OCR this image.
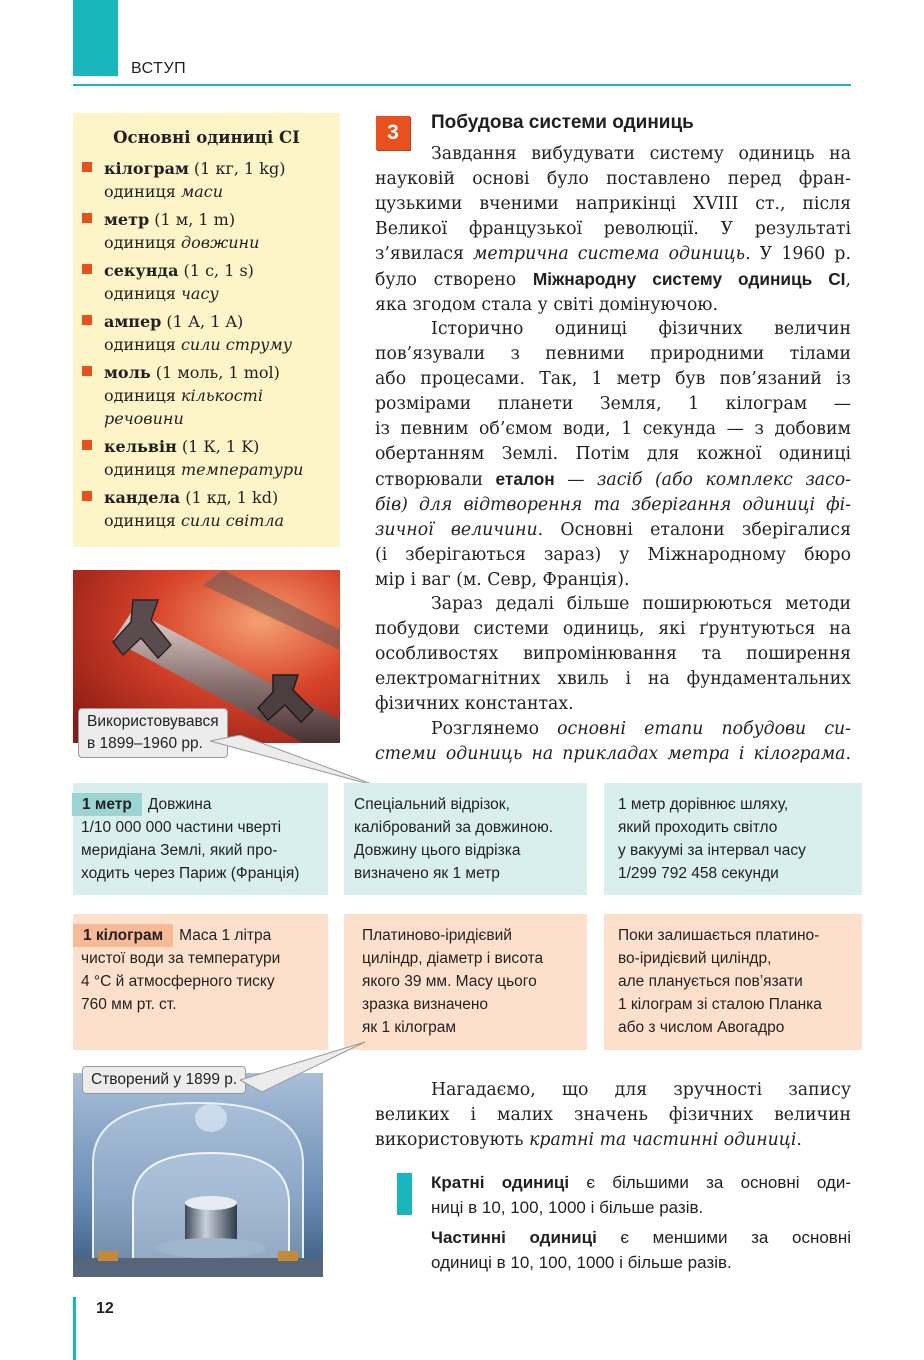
ВСТУП
Основні одиниці СІ
кілограм (1 кг, 1 kg)
одиниця маси
метр (1 м, 1 m)
одиниця довжини
секунда (1 с, 1 s)
одиниця часу
ампер (1 А, 1 A)
одиниця сили струму
моль (1 моль, 1 mol)
одиниця кількості
речовини
кельвін (1 К, 1 K)
одиниця температури
кандела (1 кд, 1 kd)
одиниця сили світла
Використовувався
в 1899–1960 рр.
3	Побудова системи одиниць
Завдання вибудувати систему одиниць на
науковій основі було поставлено перед фран-
цузькими вченими наприкінці XVIII ст., після
Великої французької революції. У результаті
з’явилася метрична система одиниць. У 1960 р.
було створено Міжнародну систему одиниць СІ,
яка згодом стала у світі домінуючою.
Історично одиниці фізичних величин
пов’язували з певними природними тілами
або процесами. Так, 1 метр був пов’язаний із
розмірами планети Земля, 1 кілограм —
із певним об’ємом води, 1 секунда — з добовим
обертанням Землі. Потім для кожної одиниці
створювали еталон — засіб (або комплекс засо-
бів) для відтворення та зберігання одиниці фі-
зичної величини. Основні еталони зберігалися
(і зберігаються зараз) у Міжнародному бюро
мір і ваг (м. Севр, Франція).
Зараз дедалі більше поширюються методи
побудови системи одиниць, які ґрунтуються на
особливостях випромінювання та поширення
електромагнітних хвиль і на фундаментальних
фізичних константах.
Розглянемо основні етапи побудови си-
стеми одиниць на прикладах метра і кілограма.
1 метр Довжина
1/10 000 000 частини чверті
меридіана Землі, який про-
ходить через Париж (Франція)
Спеціальний відрізок,
калібрований за довжиною.
Довжину цього відрізка
визначено як 1 метр
1 метр дорівнює шляху,
який проходить світло
у вакуумі за інтервал часу
1/299 792 458 секунди
1 кілограм Маса 1 літра
чистої води за температури
4 °C й атмосферного тиску
760 мм рт. ст.
Платиново-іридієвий
циліндр, діаметр і висота
якого 39 мм. Масу цього
зразка визначено
як 1 кілограм
Поки залишається платино-
во-іридієвий циліндр,
але планується пов’язати
1 кілограм зі сталою Планка
або з числом Авогадро
Створений у 1899 р.
Нагадаємо, що для зручності запису
великих і малих значень фізичних величин
використовують кратні та частинні одиниці.
Кратні одиниці є більшими за основні оди-
ниці в 10, 100, 1000 і більше разів.
Частинні одиниці є меншими за основні
одиниці в 10, 100, 1000 і більше разів.
12
